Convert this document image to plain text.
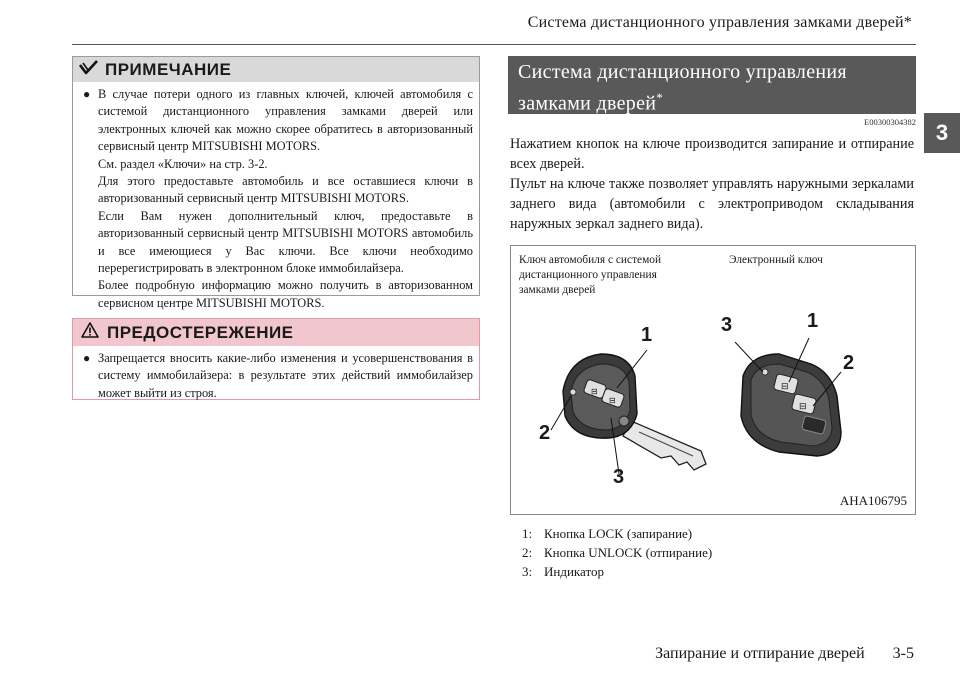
Система дистанционного управления замками дверей*
3
ПРИМЕЧАНИЕ
● В случае потери одного из главных ключей, ключей автомобиля с системой дистанционного управления замками дверей или электронных ключей как можно скорее обратитесь в авторизованный сервисный центр MITSUBISHI MOTORS.

См. раздел «Ключи» на стр. 3-2.

Для этого предоставьте автомобиль и все оставшиеся ключи в авторизованный сервисный центр MITSUBISHI MOTORS.

Если Вам нужен дополнительный ключ, предоставьте в авторизованный сервисный центр MITSUBISHI MOTORS автомобиль и все имеющиеся у Вас ключи. Все ключи необходимо перерегистрировать в электронном блоке иммобилайзера.

Более подробную информацию можно получить в авторизованном сервисном центре MITSUBISHI MOTORS.

ПРЕДОСТЕРЕЖЕНИЕ
● Запрещается вносить какие-либо изменения и усовершенствования в систему иммобилайзера: в результате этих действий иммобилайзер может выйти из строя.

Система дистанционного управления
замками дверей*
E00300304382

Нажатием кнопок на ключе производится запирание и отпирание всех дверей.

Пульт на ключе также позволяет управлять наружными зеркалами заднего вида (автомобили с электроприводом складывания наружных зеркал заднего вида).

Ключ автомобиля с системой
дистанционного управления
замками дверей
Электронный ключ
⊟
⊟
⊟
⊟
1
2
3
3	1
2
AHA106795
1: Кнопка LOCK (запирание)
2: Кнопка UNLOCK (отпирание)
3: Индикатор
Запирание и отпирание дверей 3-5
